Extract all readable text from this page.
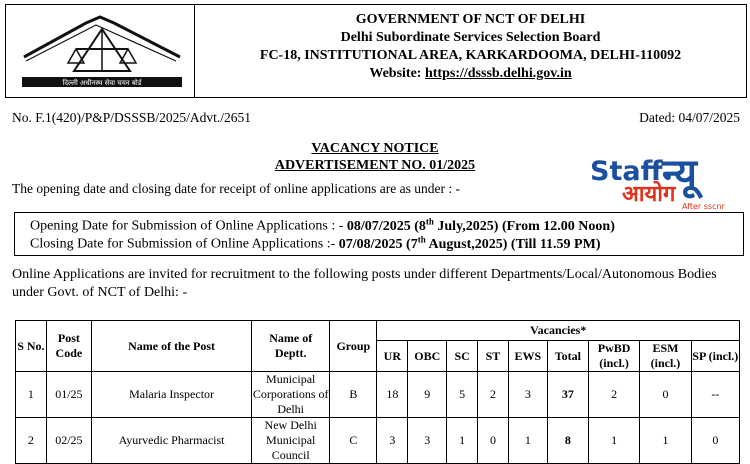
दिल्ली अधीनस्थ सेवा चयन बोर्ड
GOVERNMENT OF NCT OF DELHI
Delhi Subordinate Services Selection Board
FC-18, INSTITUTIONAL AREA, KARKARDOOMA, DELHI-110092
Website: https://dsssb.delhi.gov.in
No. F.1(420)/P&P/DSSSB/2025/Advt./2651	Dated: 04/07/2025
VACANCY NOTICE
ADVERTISEMENT NO. 01/2025
The opening date and closing date for receipt of online applications are as under : -
Staff न्यू
आयोग After sscnr
Opening Date for Submission of Online Applications : - 08/07/2025 (8th July,2025) (From 12.00 Noon)
Closing Date for Submission of Online Applications :- 07/08/2025 (7th August,2025) (Till 11.59 PM)
Online Applications are invited for recruitment to the following posts under different Departments/Local/Autonomous Bodies under Govt. of NCT of Delhi: -
S No.	Post Code	Name of the Post	Name of Deptt.	Group	Vacancies*								
					UR	OBC	SC	ST	EWS	Total	PwBD (incl.)	ESM (incl.)	SP (incl.)
1	01/25	Malaria Inspector	Municipal Corporations of Delhi	B	18	9	5	2	3	37	2	0	--
2	02/25	Ayurvedic Pharmacist	New Delhi Municipal Council	C	3	3	1	0	1	8	1	1	0
